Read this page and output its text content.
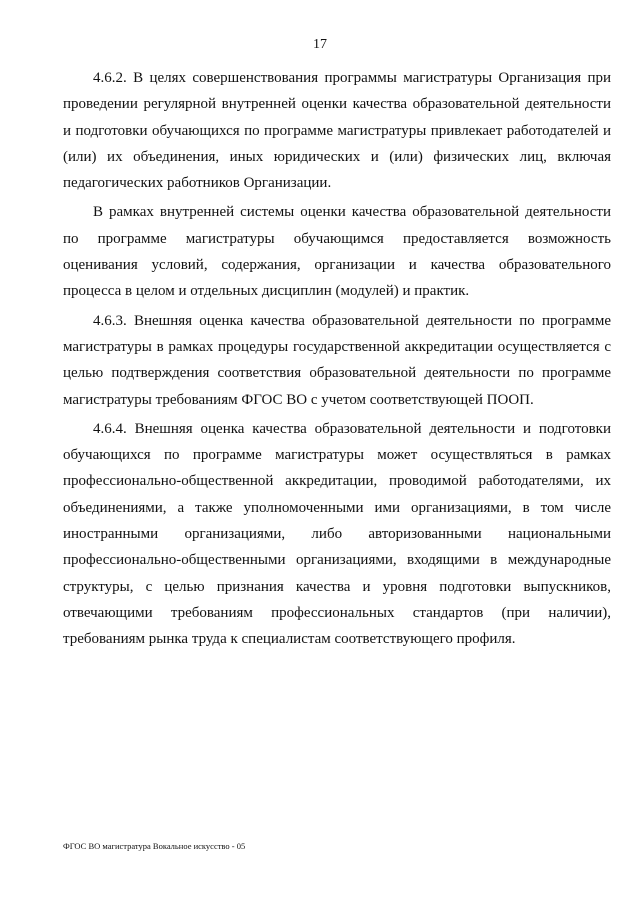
17

4.6.2. В целях совершенствования программы магистратуры Организация при проведении регулярной внутренней оценки качества образовательной деятельности и подготовки обучающихся по программе магистратуры привлекает работодателей и (или) их объединения, иных юридических и (или) физических лиц, включая педагогических работников Организации.

В рамках внутренней системы оценки качества образовательной деятельности по программе магистратуры обучающимся предоставляется возможность оценивания условий, содержания, организации и качества образовательного процесса в целом и отдельных дисциплин (модулей) и практик.

4.6.3. Внешняя оценка качества образовательной деятельности по программе магистратуры в рамках процедуры государственной аккредитации осуществляется с целью подтверждения соответствия образовательной деятельности по программе магистратуры требованиям ФГОС ВО с учетом соответствующей ПООП.

4.6.4. Внешняя оценка качества образовательной деятельности и подготовки обучающихся по программе магистратуры может осуществляться в рамках профессионально-общественной аккредитации, проводимой работодателями, их объединениями, а также уполномоченными ими организациями, в том числе иностранными организациями, либо авторизованными национальными профессионально-общественными организациями, входящими в международные структуры, с целью признания качества и уровня подготовки выпускников, отвечающими требованиям профессиональных стандартов (при наличии), требованиям рынка труда к специалистам соответствующего профиля.

ФГОС ВО магистратура Вокальное искусство - 05
